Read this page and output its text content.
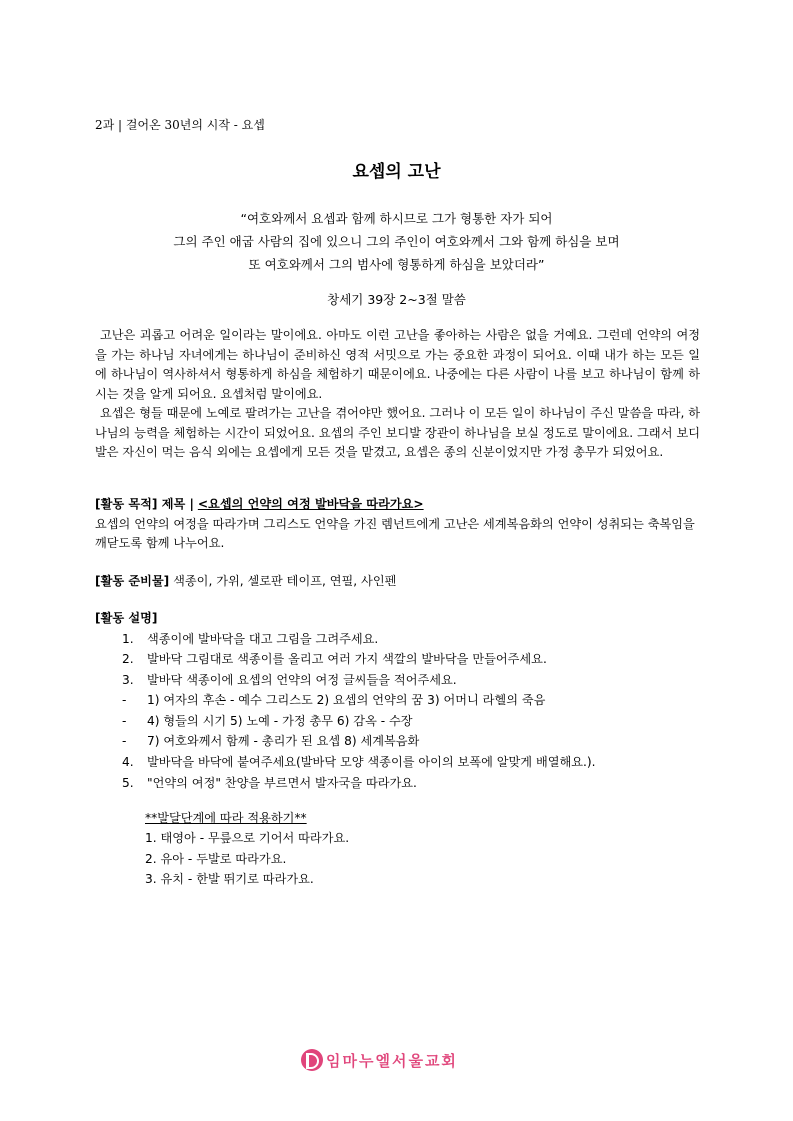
2과 | 걸어온 30년의 시작 - 요셉
요셉의 고난
“여호와께서 요셉과 함께 하시므로 그가 형통한 자가 되어
그의 주인 애굽 사람의 집에 있으니 그의 주인이 여호와께서 그와 함께 하심을 보며
또 여호와께서 그의 범사에 형통하게 하심을 보았더라”
창세기 39장 2~3절 말씀

고난은 괴롭고 어려운 일이라는 말이에요. 아마도 이런 고난을 좋아하는 사람은 없을 거예요. 그런데 언약의 여정을 가는 하나님 자녀에게는 하나님이 준비하신 영적 서밋으로 가는 중요한 과정이 되어요. 이때 내가 하는 모든 일에 하나님이 역사하셔서 형통하게 하심을 체험하기 때문이에요. 나중에는 다른 사람이 나를 보고 하나님이 함께 하시는 것을 알게 되어요. 요셉처럼 말이에요.

요셉은 형들 때문에 노예로 팔려가는 고난을 겪어야만 했어요. 그러나 이 모든 일이 하나님이 주신 말씀을 따라, 하나님의 능력을 체험하는 시간이 되었어요. 요셉의 주인 보디발 장관이 하나님을 보실 정도로 말이에요. 그래서 보디발은 자신이 먹는 음식 외에는 요셉에게 모든 것을 맡겼고, 요셉은 종의 신분이었지만 가정 총무가 되었어요.

[활동 목적] 제목 | <요셉의 언약의 여정 발바닥을 따라가요>
요셉의 언약의 여정을 따라가며 그리스도 언약을 가진 렘넌트에게 고난은 세계복음화의 언약이 성취되는 축복임을 깨닫도록 함께 나누어요.
[활동 준비물] 색종이, 가위, 셀로판 테이프, 연필, 사인펜
[활동 설명]
1.	색종이에 발바닥을 대고 그림을 그려주세요.
2.	발바닥 그림대로 색종이를 올리고 여러 가지 색깔의 발바닥을 만들어주세요.
3.	발바닥 색종이에 요셉의 언약의 여정 글씨들을 적어주세요.
-	1) 여자의 후손 - 예수 그리스도 2) 요셉의 언약의 꿈 3) 어머니 라헬의 죽음
-	4) 형들의 시기 5) 노예 - 가정 총무 6) 감옥 - 수장
-	7) 여호와께서 함께 - 총리가 된 요셉 8) 세계복음화
4.	발바닥을 바닥에 붙여주세요(발바닥 모양 색종이를 아이의 보폭에 알맞게 배열해요.).
5.	"언약의 여정" 찬양을 부르면서 발자국을 따라가요.
**발달단계에 따라 적용하기**
1. 태영아 - 무릎으로 기어서 따라가요.
2. 유아 - 두발로 따라가요.
3. 유치 - 한발 뛰기로 따라가요.
임마누엘서울교회
